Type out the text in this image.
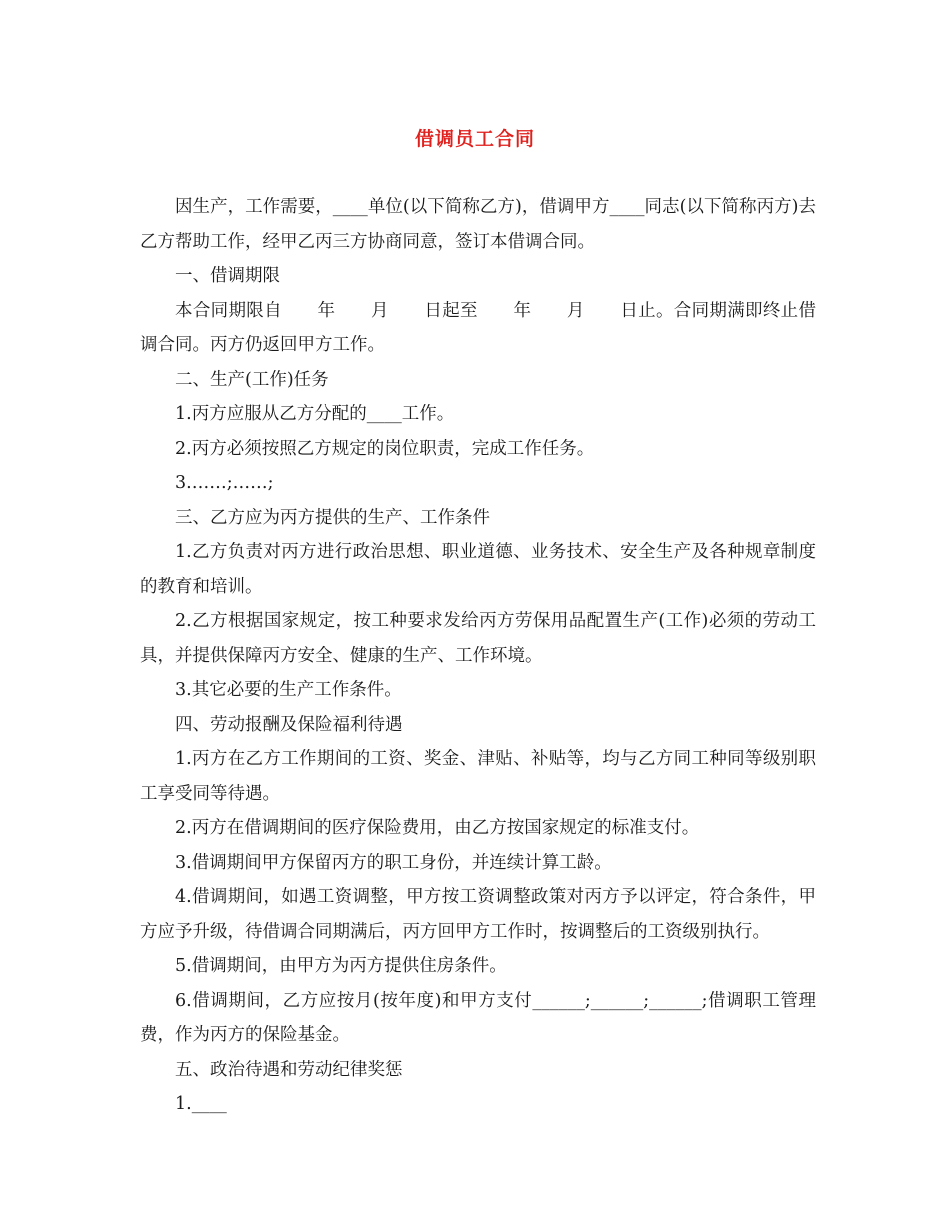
借调员工合同

因生产，工作需要，____单位(以下简称乙方)，借调甲方____同志(以下简称丙方)去乙方帮助工作，经甲乙丙三方协商同意，签订本借调合同。

一、借调期限

本合同期限自　　年　　月　　日起至　　年　　月　　日止。合同期满即终止借调合同。丙方仍返回甲方工作。

二、生产(工作)任务

1.丙方应服从乙方分配的____工作。

2.丙方必须按照乙方规定的岗位职责，完成工作任务。

3.……;……;

三、乙方应为丙方提供的生产、工作条件

1.乙方负责对丙方进行政治思想、职业道德、业务技术、安全生产及各种规章制度的教育和培训。

2.乙方根据国家规定，按工种要求发给丙方劳保用品配置生产(工作)必须的劳动工具，并提供保障丙方安全、健康的生产、工作环境。

3.其它必要的生产工作条件。

四、劳动报酬及保险福利待遇

1.丙方在乙方工作期间的工资、奖金、津贴、补贴等，均与乙方同工种同等级别职工享受同等待遇。

2.丙方在借调期间的医疗保险费用，由乙方按国家规定的标准支付。

3.借调期间甲方保留丙方的职工身份，并连续计算工龄。

4.借调期间，如遇工资调整，甲方按工资调整政策对丙方予以评定，符合条件，甲方应予升级，待借调合同期满后，丙方回甲方工作时，按调整后的工资级别执行。

5.借调期间，由甲方为丙方提供住房条件。

6.借调期间，乙方应按月(按年度)和甲方支付______;______;______;借调职工管理费，作为丙方的保险基金。

五、政治待遇和劳动纪律奖惩

1.____
